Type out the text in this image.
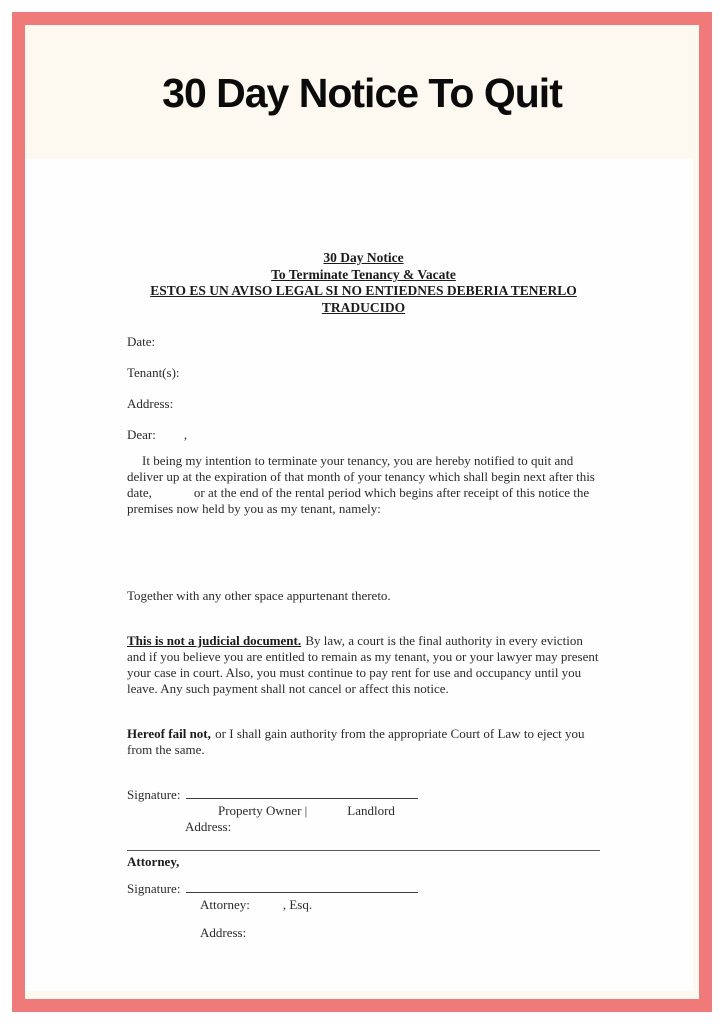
30 Day Notice To Quit
30 Day Notice
To Terminate Tenancy & Vacate
ESTO ES UN AVISO LEGAL SI NO ENTIEDNES DEBERIA TENERLO TRADUCIDO
Date:
Tenant(s):
Address:
Dear: ,

It being my intention to terminate your tenancy, you are hereby notified to quit and deliver up at the expiration of that month of your tenancy which shall begin next after this date,	or at the end of the rental period which begins after receipt of this notice the premises now held by you as my tenant, namely:

Together with any other space appurtenant thereto.

This is not a judicial document. By law, a court is the final authority in every eviction and if you believe you are entitled to remain as my tenant, you or your lawyer may present your case in court. Also, you must continue to pay rent for use and occupancy until you leave. Any such payment shall not cancel or affect this notice.

Hereof fail not, or I shall gain authority from the appropriate Court of Law to eject you from the same.

Signature:
Property Owner |	Landlord
Address:
Attorney,
Signature:
Attorney:	, Esq.
Address:
